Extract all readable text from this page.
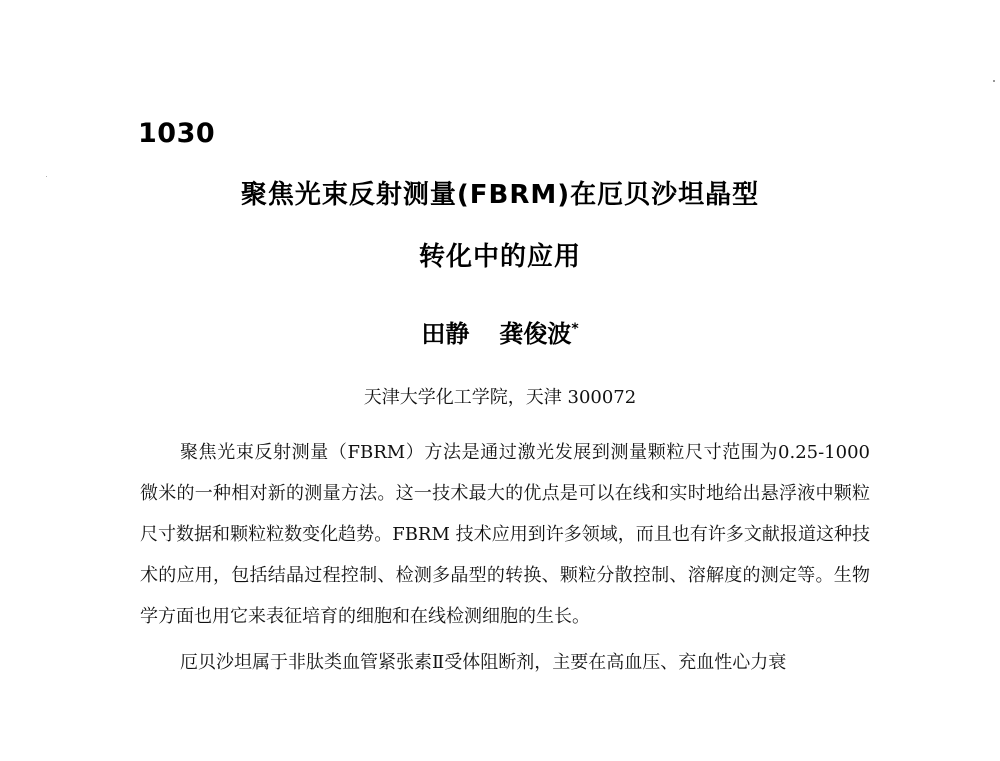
1030
聚焦光束反射测量(FBRM)在厄贝沙坦晶型
转化中的应用
田静 龚俊波*
天津大学化工学院，天津 300072

聚焦光束反射测量（FBRM）方法是通过激光发展到测量颗粒尺寸范围为0.25-1000 微米的一种相对新的测量方法。这一技术最大的优点是可以在线和实时地给出悬浮液中颗粒尺寸数据和颗粒粒数变化趋势。FBRM 技术应用到许多领域，而且也有许多文献报道这种技术的应用，包括结晶过程控制、检测多晶型的转换、颗粒分散控制、溶解度的测定等。生物学方面也用它来表征培育的细胞和在线检测细胞的生长。

厄贝沙坦属于非肽类血管紧张素Ⅱ受体阻断剂，主要在高血压、充血性心力衰
